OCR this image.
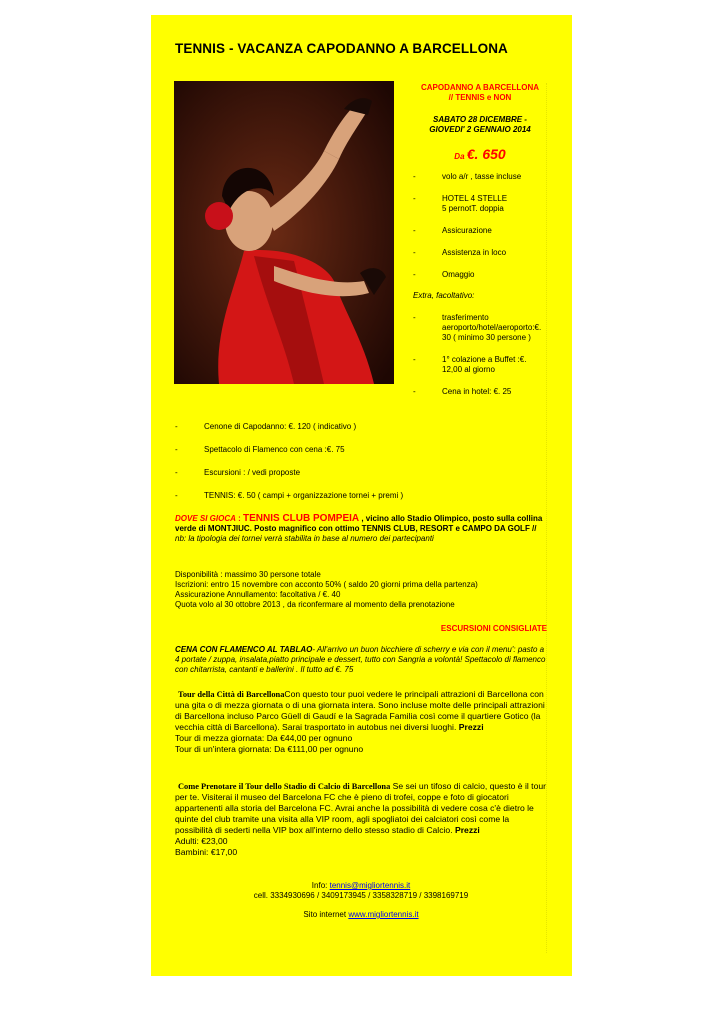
TENNIS - VACANZA CAPODANNO A BARCELLONA
CAPODANNO A BARCELLONA
// TENNIS e NON
SABATO 28 DICEMBRE -
GIOVEDI' 2 GENNAIO 2014
Da €. 650
-	volo a/r , tasse incluse
-	HOTEL 4 STELLE
5 pernotT. doppia
-	Assicurazione
-	Assistenza in loco
-	Omaggio
Extra, facoltativo:
-	trasferimento aeroporto/hotel/aeroporto:€. 30 ( minimo 30 persone )
-	1° colazione a Buffet :€. 12,00 al giorno
-	Cena in hotel: €. 25
-	Cenone di Capodanno: €. 120 ( indicativo )
-	Spettacolo di Flamenco con cena :€. 75
-	Escursioni : / vedi proposte
-	TENNIS: €. 50 ( campi + organizzazione tornei + premi )
DOVE SI GIOCA : TENNIS CLUB POMPEIA , vicino allo Stadio Olimpico, posto sulla collina verde di MONTJIUC. Posto magnifico con ottimo TENNIS CLUB, RESORT e CAMPO DA GOLF //
nb: la tipologia dei tornei verrà stabilita in base al numero dei partecipanti
Disponibilità : massimo 30 persone totale
Iscrizioni: entro 15 novembre con acconto 50% ( saldo 20 giorni prima della partenza)
Assicurazione Annullamento: facoltativa / €. 40
Quota volo al 30 ottobre 2013 , da riconfermare al momento della prenotazione
ESCURSIONI CONSIGLIATE
CENA CON FLAMENCO AL TABLAO- All'arrivo un buon bicchiere di scherry e via con il menu': pasto a 4 portate / zuppa, insalata,piatto principale e dessert, tutto con Sangria a volontà! Spettacolo di flamenco con chitarrista, cantanti e ballerini . Il tutto ad €. 75
Tour della Città di BarcellonaCon questo tour puoi vedere le principali attrazioni di Barcellona con una gita o di mezza giornata o di una giornata intera. Sono incluse molte delle principali attrazioni di Barcellona incluso Parco Güell di Gaudí e la Sagrada Familia così come il quartiere Gotico (la vecchia città di Barcellona). Sarai trasportato in autobus nei diversi luoghi. Prezzi
Tour di mezza giornata: Da €44,00 per ognuno
Tour di un'intera giornata: Da €111,00 per ognuno
Come Prenotare il Tour dello Stadio di Calcio di Barcellona Se sei un tifoso di calcio, questo è il tour per te. Visiterai il museo del Barcelona FC che è pieno di trofei, coppe e foto di giocatori appartenenti alla storia del Barcelona FC. Avrai anche la possibilità di vedere cosa c'è dietro le quinte del club tramite una visita alla VIP room, agli spogliatoi dei calciatori così come la possibilità di sederti nella VIP box all'interno dello stesso stadio di Calcio. Prezzi
Adulti: €23,00
Bambini: €17,00
Info: tennis@migliortennis.it
cell. 3334930696 / 3409173945 / 3358328719 / 3398169719
Sito internet www.migliortennis.it
